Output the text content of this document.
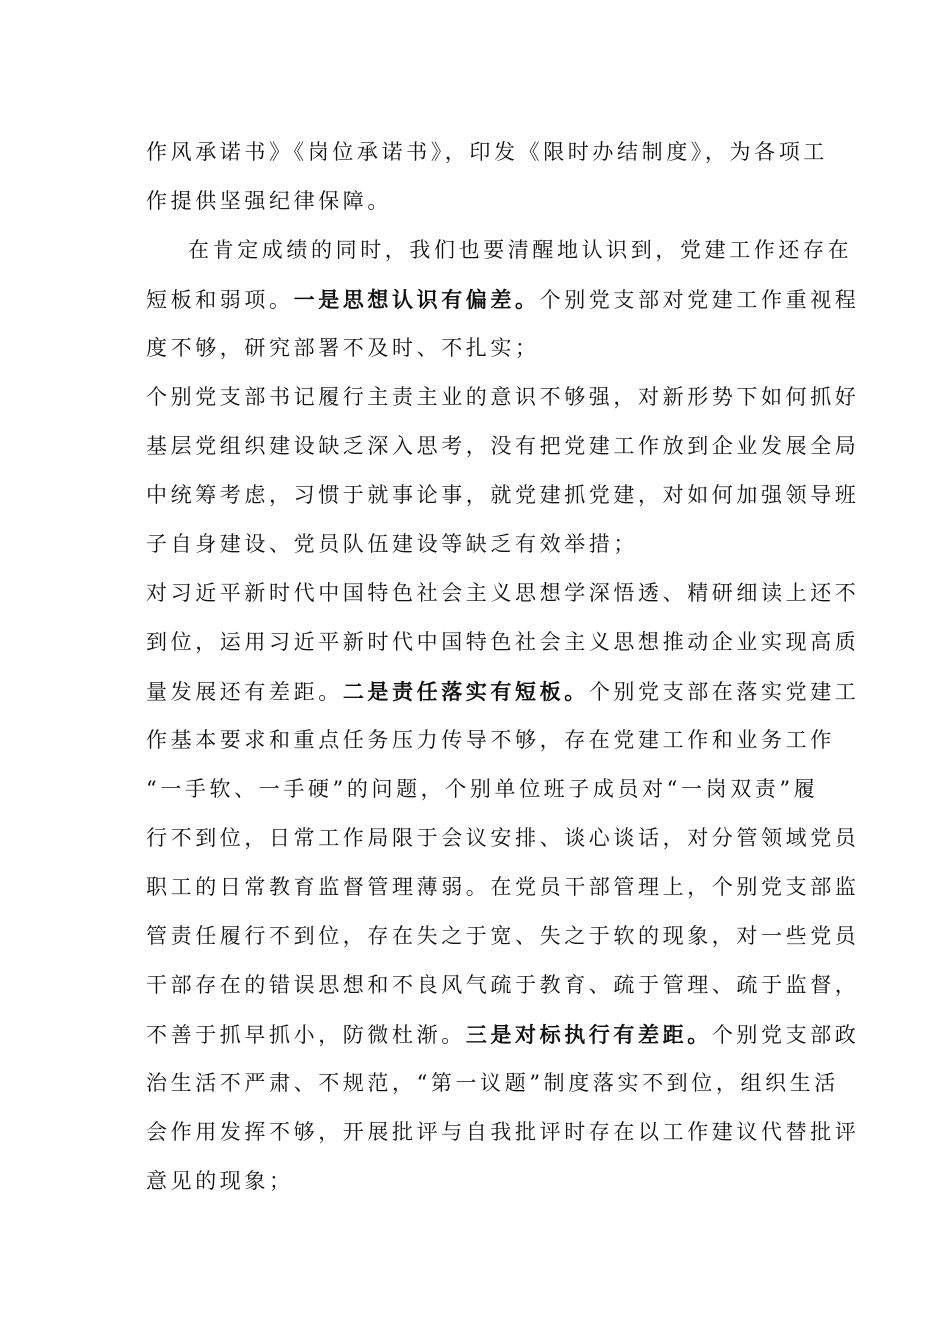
作风承诺书》《岗位承诺书》，印发《限时办结制度》，为各项工
作提供坚强纪律保障。
在肯定成绩的同时，我们也要清醒地认识到，党建工作还存在
短板和弱项。一是思想认识有偏差。个别党支部对党建工作重视程
度不够，研究部署不及时、不扎实；
个别党支部书记履行主责主业的意识不够强，对新形势下如何抓好
基层党组织建设缺乏深入思考，没有把党建工作放到企业发展全局
中统筹考虑，习惯于就事论事，就党建抓党建，对如何加强领导班
子自身建设、党员队伍建设等缺乏有效举措；
对习近平新时代中国特色社会主义思想学深悟透、精研细读上还不
到位，运用习近平新时代中国特色社会主义思想推动企业实现高质
量发展还有差距。二是责任落实有短板。个别党支部在落实党建工
作基本要求和重点任务压力传导不够，存在党建工作和业务工作
“一手软、一手硬”的问题，个别单位班子成员对“一岗双责”履
行不到位，日常工作局限于会议安排、谈心谈话，对分管领域党员
职工的日常教育监督管理薄弱。在党员干部管理上，个别党支部监
管责任履行不到位，存在失之于宽、失之于软的现象，对一些党员
干部存在的错误思想和不良风气疏于教育、疏于管理、疏于监督，
不善于抓早抓小，防微杜渐。三是对标执行有差距。个别党支部政
治生活不严肃、不规范，“第一议题”制度落实不到位，组织生活
会作用发挥不够，开展批评与自我批评时存在以工作建议代替批评
意见的现象；
